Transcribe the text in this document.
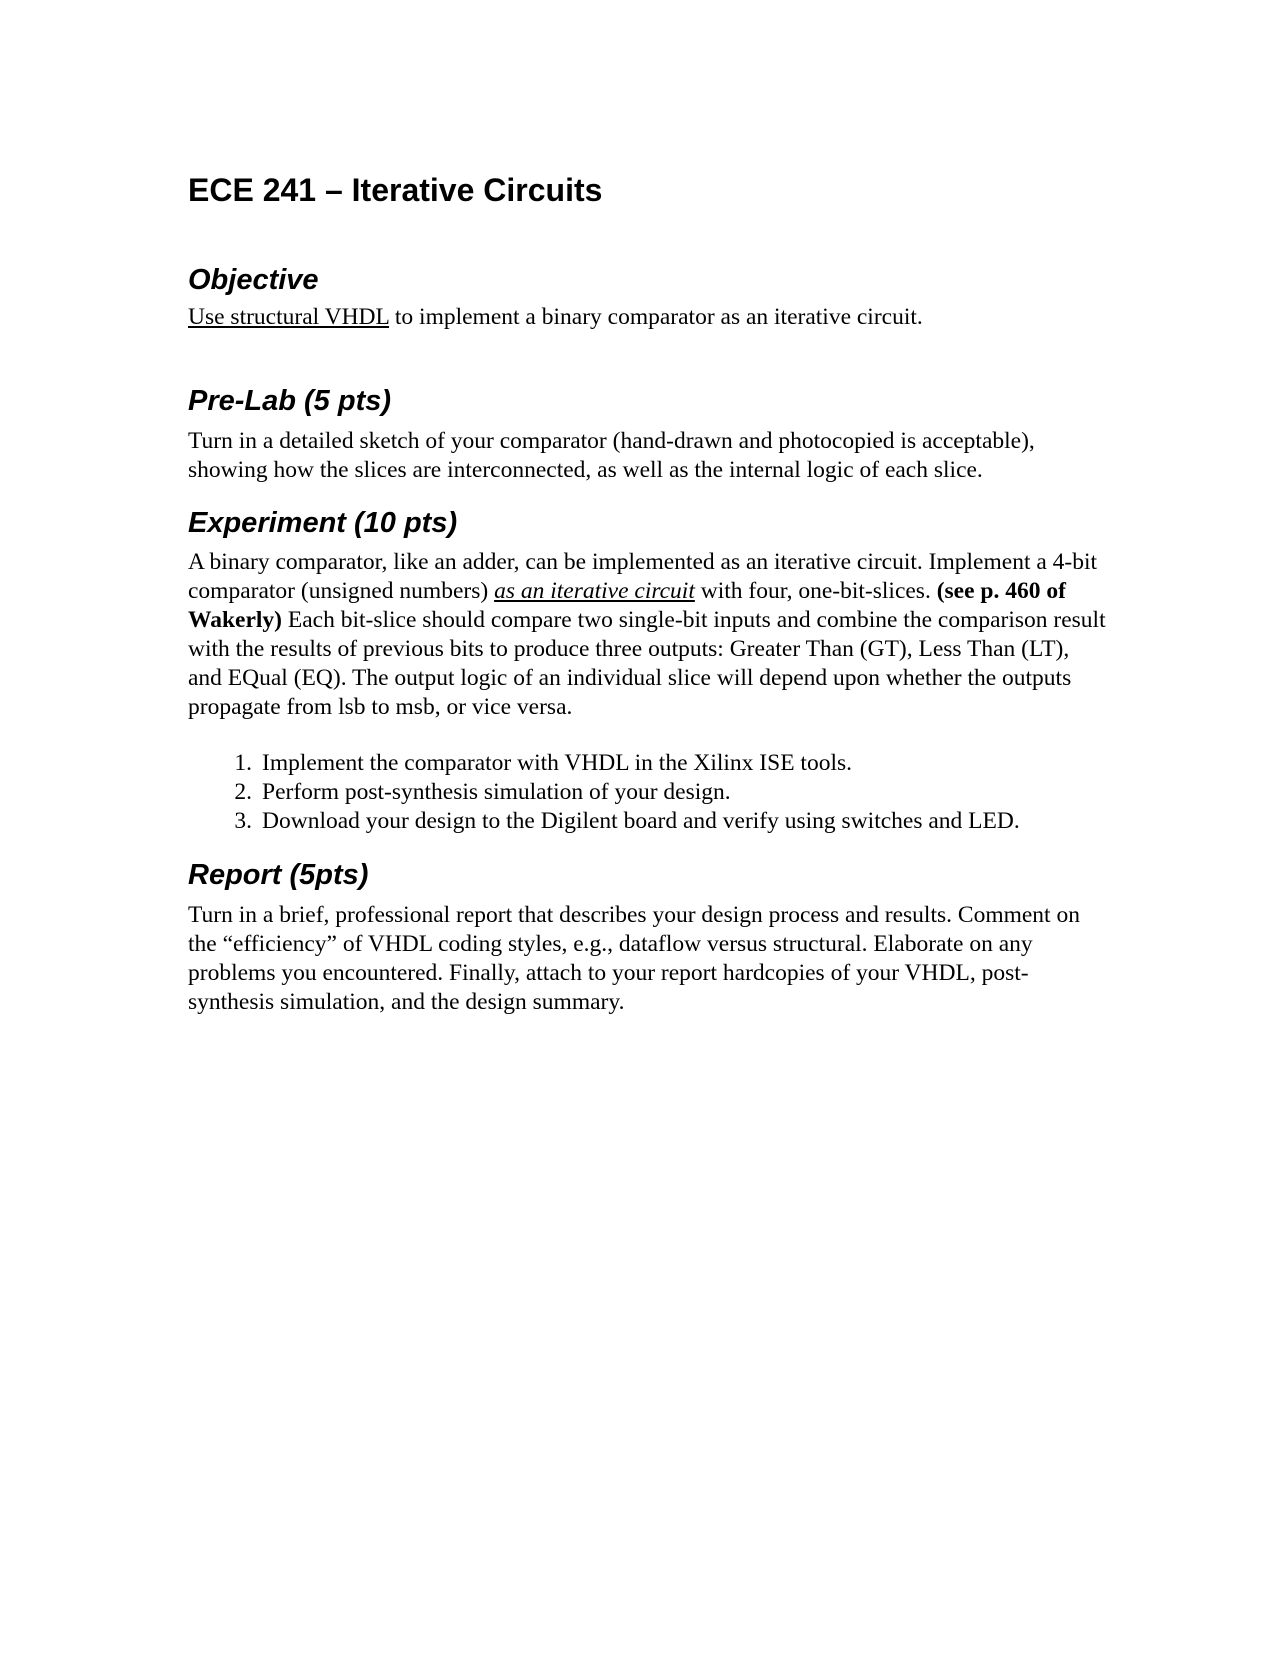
ECE 241 – Iterative Circuits
Objective

Use structural VHDL to implement a binary comparator as an iterative circuit.

Pre-Lab (5 pts)

Turn in a detailed sketch of your comparator (hand-drawn and photocopied is acceptable), showing how the slices are interconnected, as well as the internal logic of each slice.

Experiment (10 pts)

A binary comparator, like an adder, can be implemented as an iterative circuit. Implement a 4-bit comparator (unsigned numbers) as an iterative circuit with four, one-bit-slices. (see p. 460 of Wakerly) Each bit-slice should compare two single-bit inputs and combine the comparison result with the results of previous bits to produce three outputs: Greater Than (GT), Less Than (LT), and EQual (EQ). The output logic of an individual slice will depend upon whether the outputs propagate from lsb to msb, or vice versa.

1. Implement the comparator with VHDL in the Xilinx ISE tools.
2. Perform post-synthesis simulation of your design.
3. Download your design to the Digilent board and verify using switches and LED.
Report (5pts)

Turn in a brief, professional report that describes your design process and results. Comment on the “efficiency” of VHDL coding styles, e.g., dataflow versus structural. Elaborate on any problems you encountered. Finally, attach to your report hardcopies of your VHDL, post-synthesis simulation, and the design summary.
